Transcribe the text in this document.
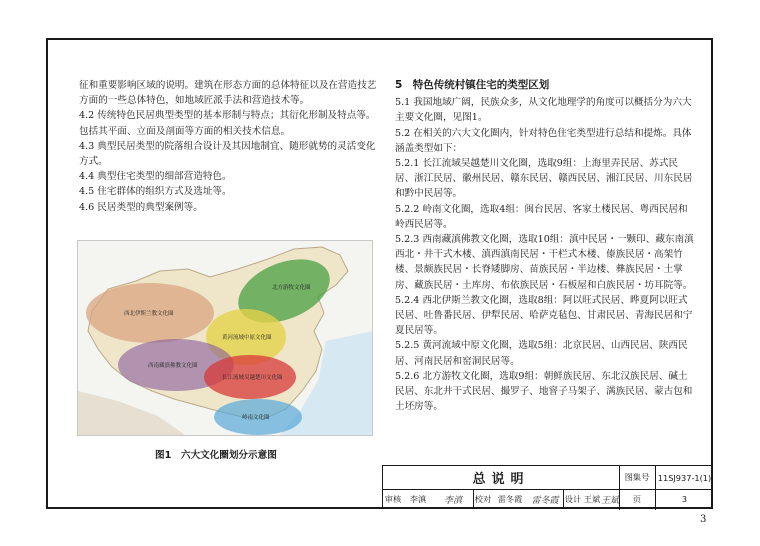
征和重要影响区域的说明。建筑在形态方面的总体特征以及在营造技艺方面的一些总体特色，如地域匠派手法和营造技术等。

4.2 传统特色民居典型类型的基本形制与特点；其衍化形制及特点等。包括其平面、立面及剖面等方面的相关技术信息。

4.3 典型民居类型的院落组合设计及其因地制宜、随形就势的灵活变化方式。

4.4 典型住宅类型的细部营造特色。

4.5 住宅群体的组织方式及选址等。

4.6 民居类型的典型案例等。

西北伊斯兰教文化圈
北方游牧文化圈
黄河流域中原文化圈
西南藏滇佛教文化圈
长江流域吴越楚川文化圈
岭南文化圈
图1　六大文化圈划分示意图

5　特色传统村镇住宅的类型区划

5.1 我国地域广阔，民族众多，从文化地理学的角度可以概括分为六大主要文化圈，见图1。

5.2 在相关的六大文化圈内，针对特色住宅类型进行总结和提炼。具体涵盖类型如下：

5.2.1 长江流域吴越楚川文化圈，选取9组：上海里弄民居、苏式民居、浙江民居、徽州民居、赣东民居、赣西民居、湘江民居、川东民居和黔中民居等。

5.2.2 岭南文化圈，选取4组：闽台民居、客家土楼民居、粤西民居和岭西民居等。

5.2.3 西南藏滇佛教文化圈，选取10组：滇中民居・一颗印、藏东南滇西北・井干式木楼、滇西滇南民居・干栏式木楼、傣族民居・高架竹楼、景颇族民居・长脊矮脚房、苗族民居・半边楼、彝族民居・土掌房、藏族民居・土库房、布依族民居・石板屋和白族民居・坊耳院等。

5.2.4 西北伊斯兰教文化圈，选取8组：阿以旺式民居、晔夏阿以旺式民居、吐鲁番民居、伊犁民居、哈萨克毡包、甘肃民居、青海民居和宁夏民居等。

5.2.5 黄河流域中原文化圈，选取5组：北京民居、山西民居、陕西民居、河南民居和窑洞民居等。

5.2.6 北方游牧文化圈，选取9组：朝鲜族民居、东北汉族民居、碱土民居、东北井干式民居、撮罗子、地窨子马架子、满族民居、蒙古包和土坯房等。

总说明	图集号	11SJ937-1(1)
审核	李滇	李滇	校对 雷冬霞	雷冬霞 设计 王斌 王斌	页	3
3
